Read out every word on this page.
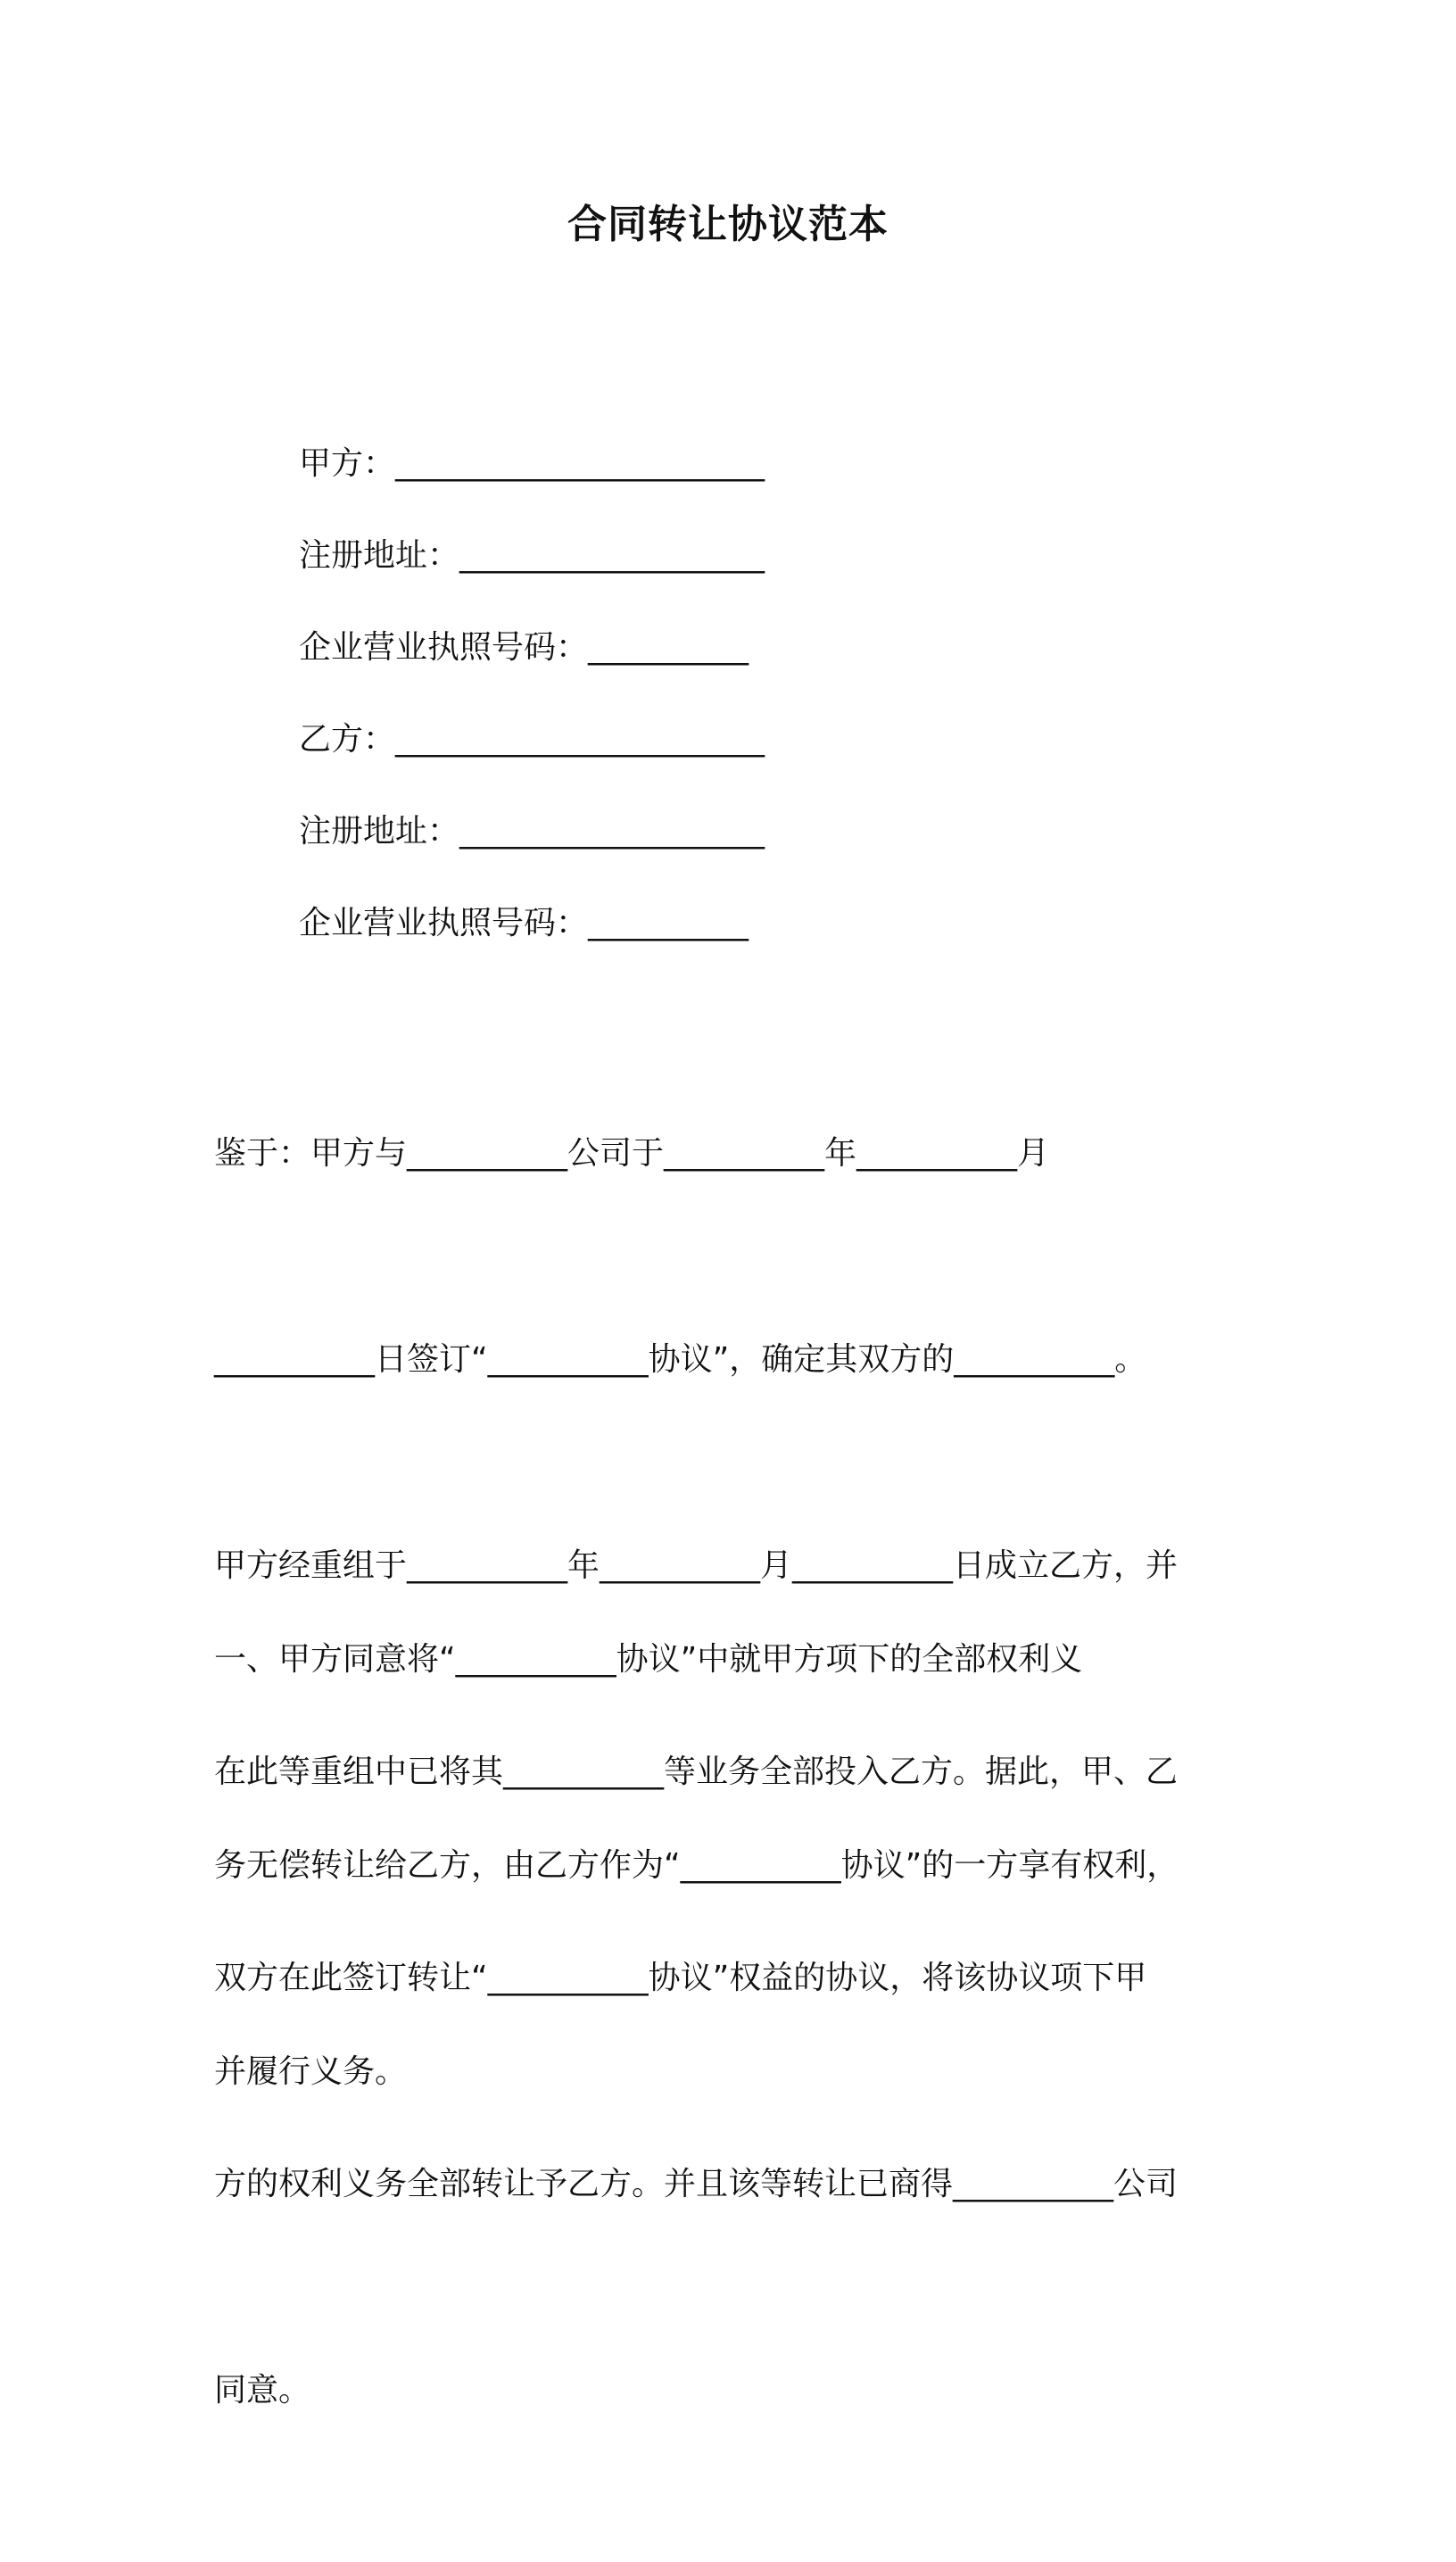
合同转让协议范本
甲方：_______________________
注册地址：___________________
企业营业执照号码：__________
乙方：_______________________
注册地址：___________________
企业营业执照号码：__________

鉴于：甲方与__________公司于__________年__________月

__________日签订“__________协议”，确定其双方的__________。

甲方经重组于__________年__________月__________日成立乙方，并

在此等重组中已将其__________等业务全部投入乙方。据此，甲、乙

双方在此签订转让“__________协议”权益的协议，将该协议项下甲

方的权利义务全部转让予乙方。并且该等转让已商得__________公司

同意。

一、甲方同意将“__________协议”中就甲方项下的全部权利义

务无偿转让给乙方，由乙方作为“__________协议”的一方享有权利，

并履行义务。
